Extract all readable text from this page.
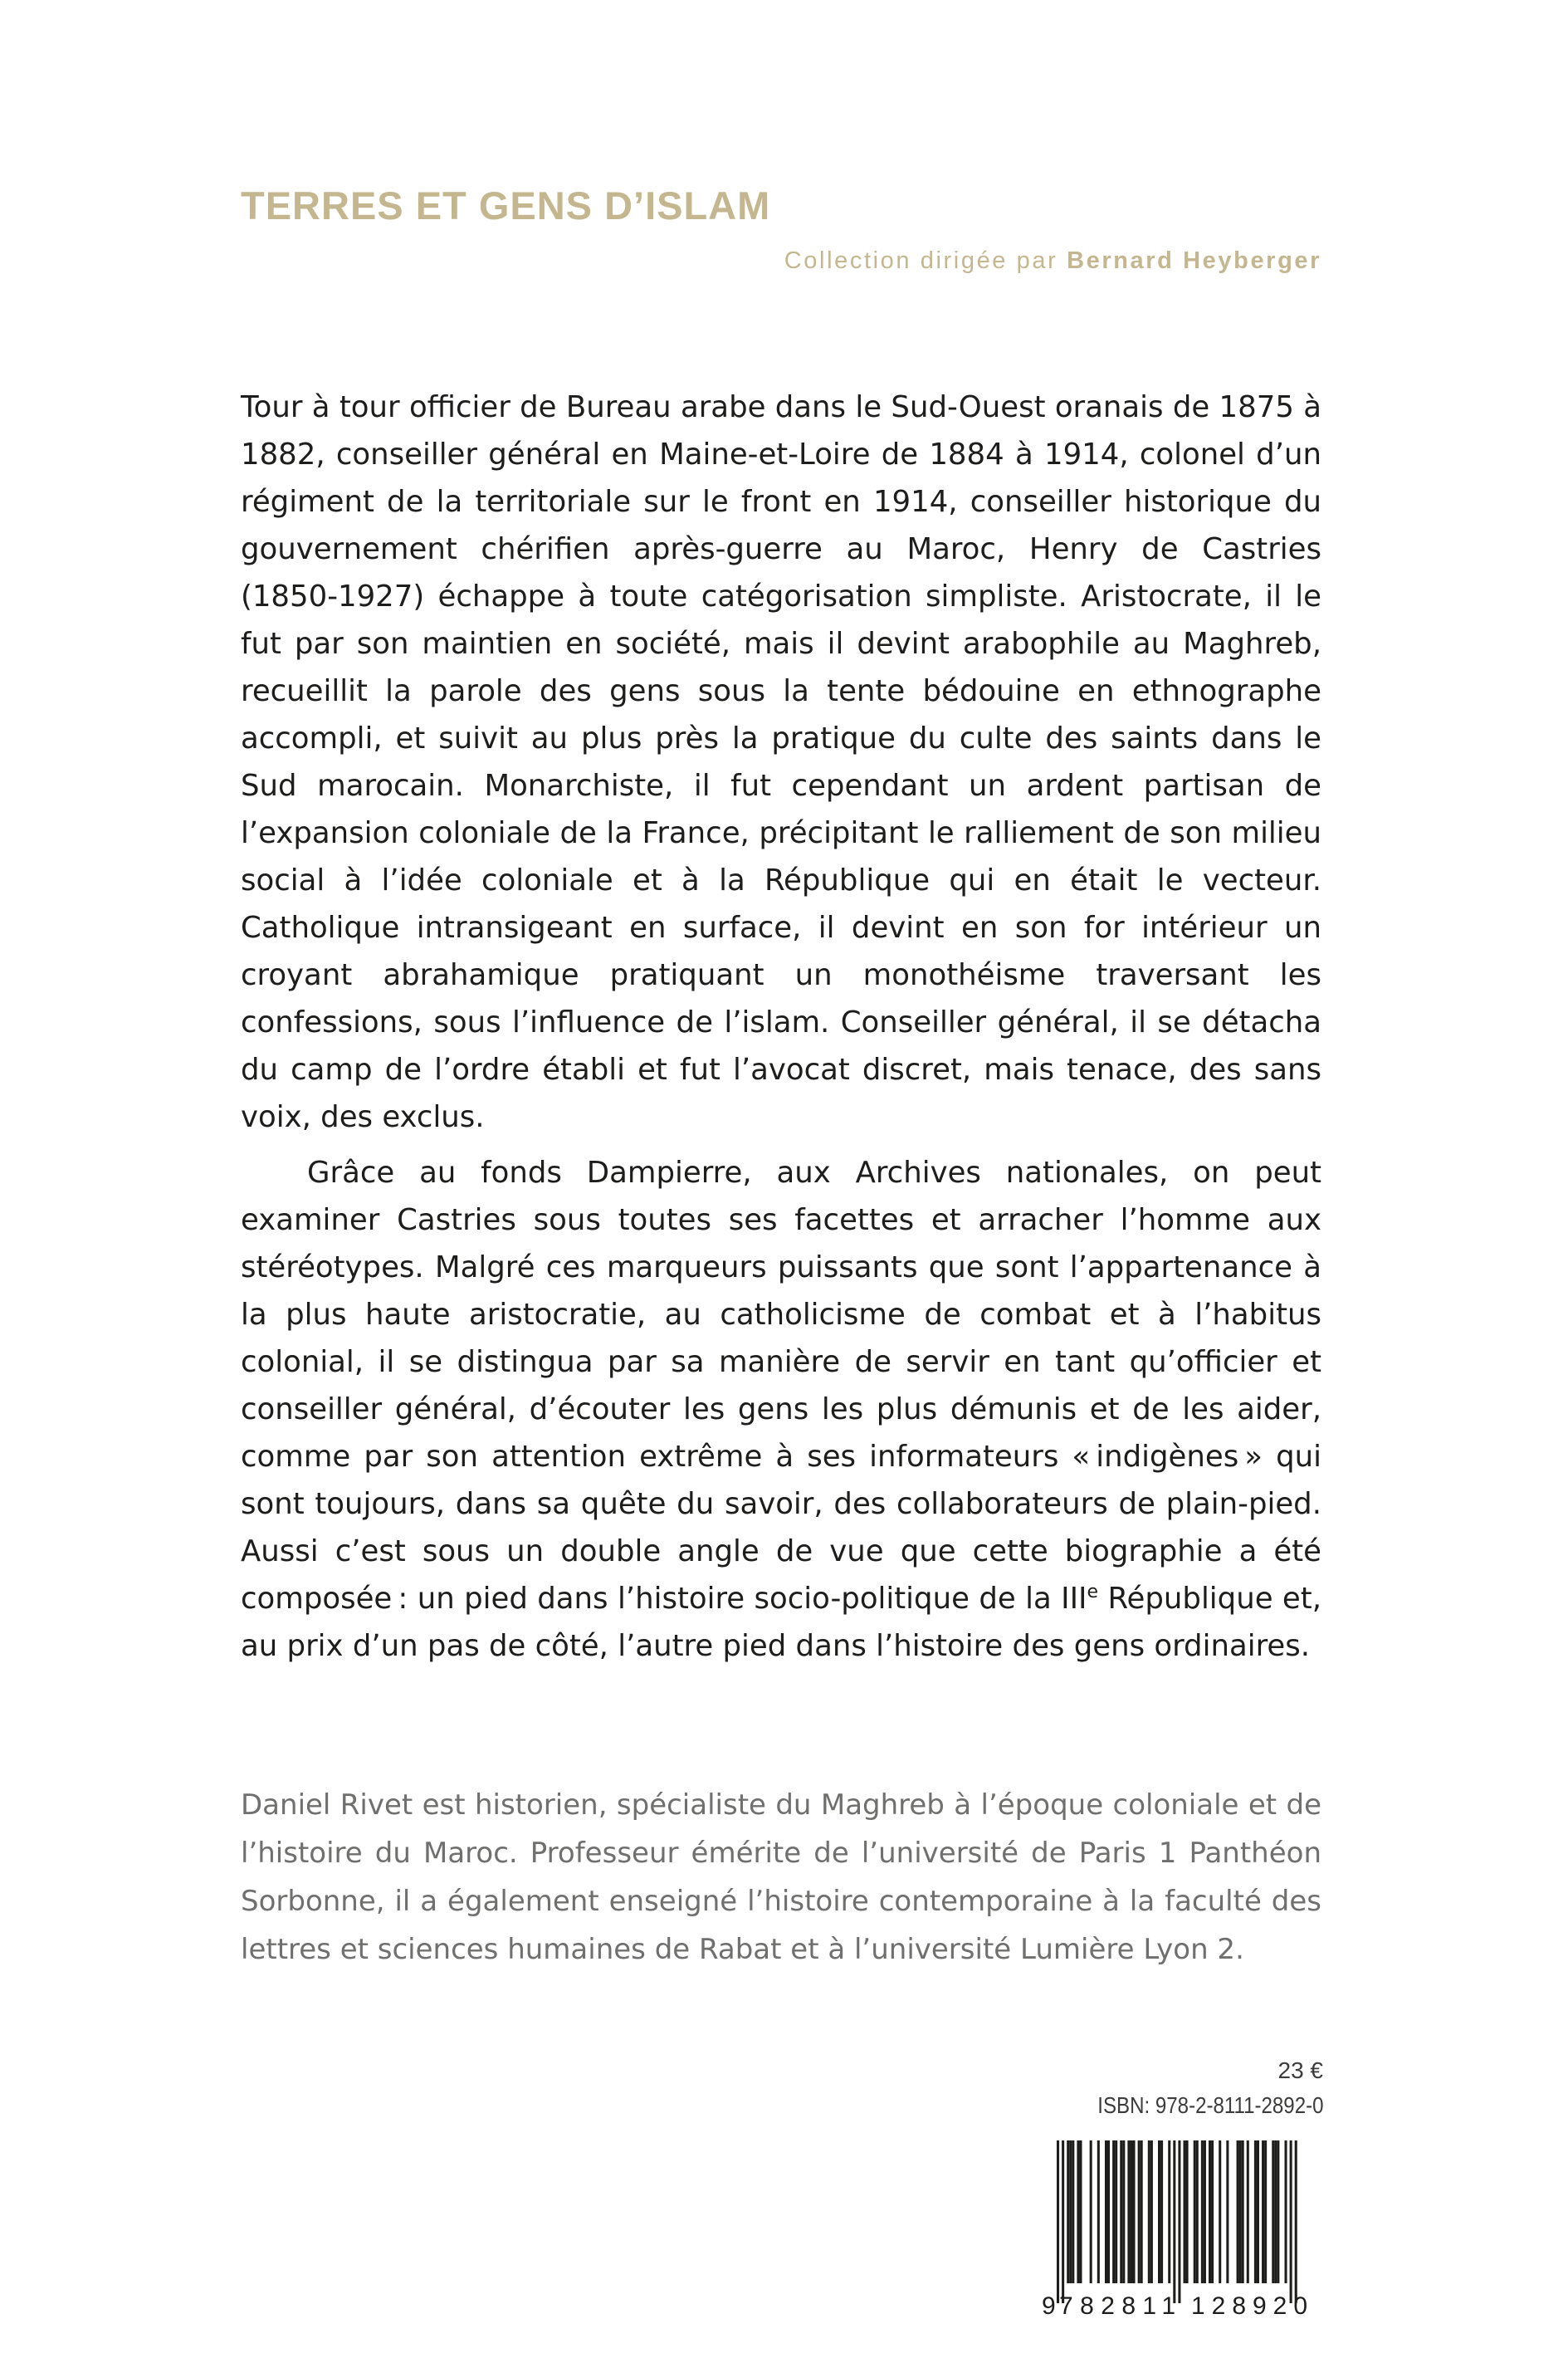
TERRES ET GENS D’ISLAM
Collection dirigée par Bernard Heyberger

Tour à tour officier de Bureau arabe dans le Sud-Ouest oranais de 1875 à 1882, conseiller général en Maine-et-Loire de 1884 à 1914, colonel d’un régiment de la territoriale sur le front en 1914, conseiller historique du gouvernement chérifien après-guerre au Maroc, Henry de Castries (1850-1927) échappe à toute catégorisation simpliste. Aristocrate, il le fut par son maintien en société, mais il devint arabophile au Maghreb, recueillit la parole des gens sous la tente bédouine en ethnographe accompli, et suivit au plus près la pratique du culte des saints dans le Sud marocain. Monarchiste, il fut cependant un ardent partisan de l’expansion coloniale de la France, précipitant le ralliement de son milieu social à l’idée coloniale et à la République qui en était le vecteur. Catholique intransigeant en surface, il devint en son for intérieur un croyant abrahamique pratiquant un monothéisme traversant les confessions, sous l’influence de l’islam. Conseiller général, il se détacha du camp de l’ordre établi et fut l’avocat discret, mais tenace, des sans voix, des exclus.

Grâce au fonds Dampierre, aux Archives nationales, on peut examiner Castries sous toutes ses facettes et arracher l’homme aux stéréotypes. Malgré ces marqueurs puissants que sont l’appartenance à la plus haute aristocratie, au catholicisme de combat et à l’habitus colonial, il se distingua par sa manière de servir en tant qu’officier et conseiller général, d’écouter les gens les plus démunis et de les aider, comme par son attention extrême à ses informateurs « indigènes » qui sont toujours, dans sa quête du savoir, des collaborateurs de plain-pied. Aussi c’est sous un double angle de vue que cette biographie a été composée : un pied dans l’histoire socio-politique de la IIIe République et, au prix d’un pas de côté, l’autre pied dans l’histoire des gens ordinaires.

Daniel Rivet est historien, spécialiste du Maghreb à l’époque coloniale et de l’histoire du Maroc. Professeur émérite de l’université de Paris 1 Panthéon Sorbonne, il a également enseigné l’histoire contemporaine à la faculté des lettres et sciences humaines de Rabat et à l’université Lumière Lyon 2.

23 €
ISBN: 978-2-8111-2892-0
9 782811 128920
